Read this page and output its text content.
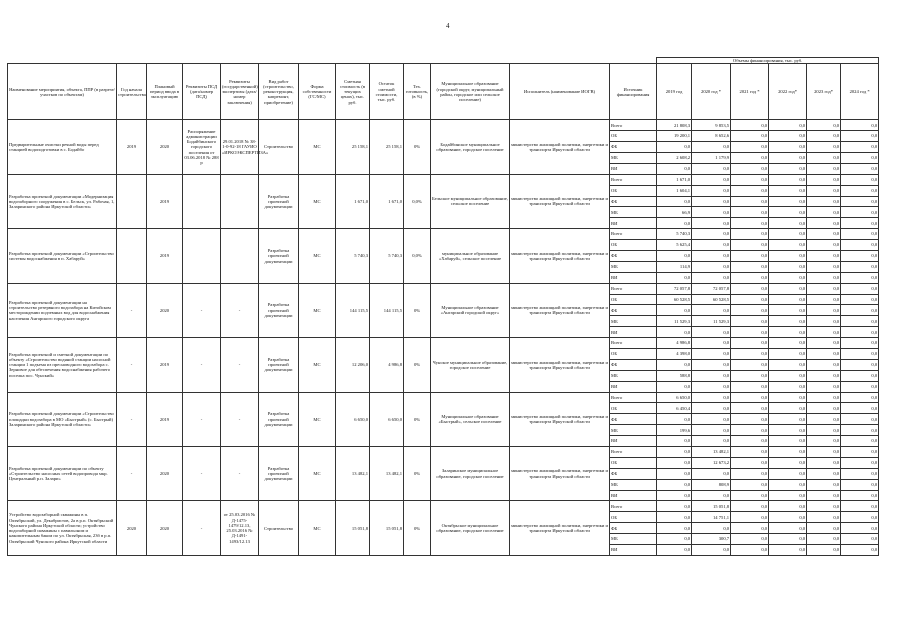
4
													Объемы финансирования, тыс. руб.					
Наименование мероприятия, объекта, ППР (в разрезе/участков по объектам)	Год начала строительства	Плановый период ввода в эксплуатацию	Реквизиты ПСД (дата/номер ПСД)	Реквизиты (государственной) экспертизы (дата/номер заключения)	Вид работ (строительство, реконструкция, капремонт, приобретение)	Форма собственности (ГС/МС)	Сметная стоимость (в текущих ценах), тыс. руб.	Остаток сметной стоимости, тыс. руб.	Тех. готовность, (в %)	Муниципальное образование (городской округ, муниципальный район, городское или сельское поселение)	Исполнитель (наименование ИОГВ)	Источник финансирования	2019 год	2020 год *	2021 год *	2022 год*	2023 год*	2024 год *
Предварительные очистки речной воды перед станцией водоподготовки в с. Бодайбо	2019	2020	Распоряжение администрации Бодайбинского городского поселения от 03.06.2018 № 288 р	29.01.2018 № 38-1-0-92-18 ГАУИО «ИРКОЭКСПЕРТИЗА»	Строительство	МС	25 158,1	25 158,1	0%	Бодайбинское муниципальное образование, городское поселение	министерство жилищной политики, энергетики и транспорта Иркутской области	Всего	21 808,3	9 853,5	0,0	0,0	0,0	0,0
												ОБ	19 200,1	8 652,6	0,0	0,0	0,0	0,0
												ФБ	0,0	0,0	0,0	0,0	0,0	0,0
												МБ	2 608,2	1 179,9	0,0	0,0	0,0	0,0
												ВИ	0,0	0,0	0,0	0,0	0,0	0,0
Разработка проектной документации «Модернизация водозаборного сооружения в с. Бельск, ул. Рабочая, 1, Заларинского района Иркутской области»		2019			Разработка проектной документации	МС	1 671,0	1 671,0	0,0%	Бельское муниципальное образование, сельское поселение	министерство жилищной политики, энергетики и транспорта Иркутской области	Всего	1 671,0	0,0	0,0	0,0	0,0	0,0
												ОБ	1 604,1	0,0	0,0	0,0	0,0	0,0
												ФБ	0,0	0,0	0,0	0,0	0,0	0,0
												МБ	66,9	0,0	0,0	0,0	0,0	0,0
												ВИ	0,0	0,0	0,0	0,0	0,0	0,0
Разработка проектной документации «Строительство системы водоснабжения в п. Хабаруй»		2019			Разработка проектной документации	МС	5 740,3	5 740,3	0,0%	муниципальное образование «Хабаруй», сельское поселение	министерство жилищной политики, энергетики и транспорта Иркутской области	Всего	5 740,3	0,0	0,0	0,0	0,0	0,0
												ОБ	5 625,4	0,0	0,0	0,0	0,0	0,0
												ФБ	0,0	0,0	0,0	0,0	0,0	0,0
												МБ	114,9	0,0	0,0	0,0	0,0	0,0
												ВИ	0,0	0,0	0,0	0,0	0,0	0,0
Разработка проектной документации на строительство резервного водозабора на Китойском месторождении подземных вод для водоснабжения населения Ангарского городского округа	-	2020	-	-	Разработка проектной документации	МС	144 115,5	144 115,5	0%	Муниципальное образование «Ангарский городской округ»	министерство жилищной политики, энергетики и транспорта Иркутской области	Всего	72 057,8	72 057,8	0,0	0,0	0,0	0,0
												ОБ	60 528,5	60 528,5	0,0	0,0	0,0	0,0
												ФБ	0,0	0,0	0,0	0,0	0,0	0,0
												МБ	11 529,3	11 529,3	0,0	0,0	0,0	0,0
												ВИ	0,0	0,0	0,0	0,0	0,0	0,0
Разработка проектной и сметной документации по объекту «Строительство водяной станции насосной станции 1 подъема из пресноводного водозабора с. Зерновое для обеспечения водоснабжения рабочего поселка пос. Чунский»	-	2019	-	-	Разработка проектной документации	МС	12 206,0	4 986,8	0%	Чунское муниципальное образование, городское поселение	министерство жилищной политики, энергетики и транспорта Иркутской области	Всего	4 986,8	0,0	0,0	0,0	0,0	0,0
												ОБ	4 398,0	0,0	0,0	0,0	0,0	0,0
												ФБ	0,0	0,0	0,0	0,0	0,0	0,0
												МБ	588,8	0,0	0,0	0,0	0,0	0,0
												ВИ	0,0	0,0	0,0	0,0	0,0	0,0
Разработка проектной документации «Строительство площадки водозабора в МО «Быстрый» (с. Быстрый) Заларинского района Иркутской области»	-	2019	-	-	Разработка проектной документации	МС	6 650,0	6 650,0	0%	Муниципальное образование «Быстрый», сельское поселение	министерство жилищной политики, энергетики и транспорта Иркутской области	Всего	6 650,0	0,0	0,0	0,0	0,0	0,0
												ОБ	6 450,4	0,0	0,0	0,0	0,0	0,0
												ФБ	0,0	0,0	0,0	0,0	0,0	0,0
												МБ	199,6	0,0	0,0	0,0	0,0	0,0
												ВИ	0,0	0,0	0,0	0,0	0,0	0,0
Разработка проектной документации по объекту «Строительство насосных сетей водопровода мкр. Центральный р.п. Залари»	-	2020	-	-	Разработка проектной документации	МС	13 482,1	13 482,1	0%	Заларинское муниципальное образование, городское поселение	министерство жилищной политики, энергетики и транспорта Иркутской области	Всего	0,0	13 482,1	0,0	0,0	0,0	0,0
												ОБ	0,0	12 673,2	0,0	0,0	0,0	0,0
												ФБ	0,0	0,0	0,0	0,0	0,0	0,0
												МБ	0,0	808,9	0,0	0,0	0,0	0,0
												ВИ	0,0	0,0	0,0	0,0	0,0	0,0
Устройство водозаборной скважины в п. Октябрьский, ул. Декабристов, 2а в р.п. Октябрьский Чунского района Иркутской области; устройство водозаборной скважины с павильоном и накопительным баком по ул. Октябрьская, 23б в р.п. Октябрьский Чунского района Иркутской области	2020	2020	-	от 25.03.2016 № Д-1475-1479/12.13, 25.03.2016 № Д-1491-1493/12.13	Строительство	МС	15 051,8	15 051,8	0%	Октябрьское муниципальное образование, городское поселение	министерство жилищной политики, энергетики и транспорта Иркутской области	Всего	0,0	15 051,8	0,0	0,0	0,0	0,0
												ОБ	0,0	14 751,1	0,0	0,0	0,0	0,0
												ФБ	0,0	0,0	0,0	0,0	0,0	0,0
												МБ	0,0	300,7	0,0	0,0	0,0	0,0
												ВИ	0,0	0,0	0,0	0,0	0,0	0,0
